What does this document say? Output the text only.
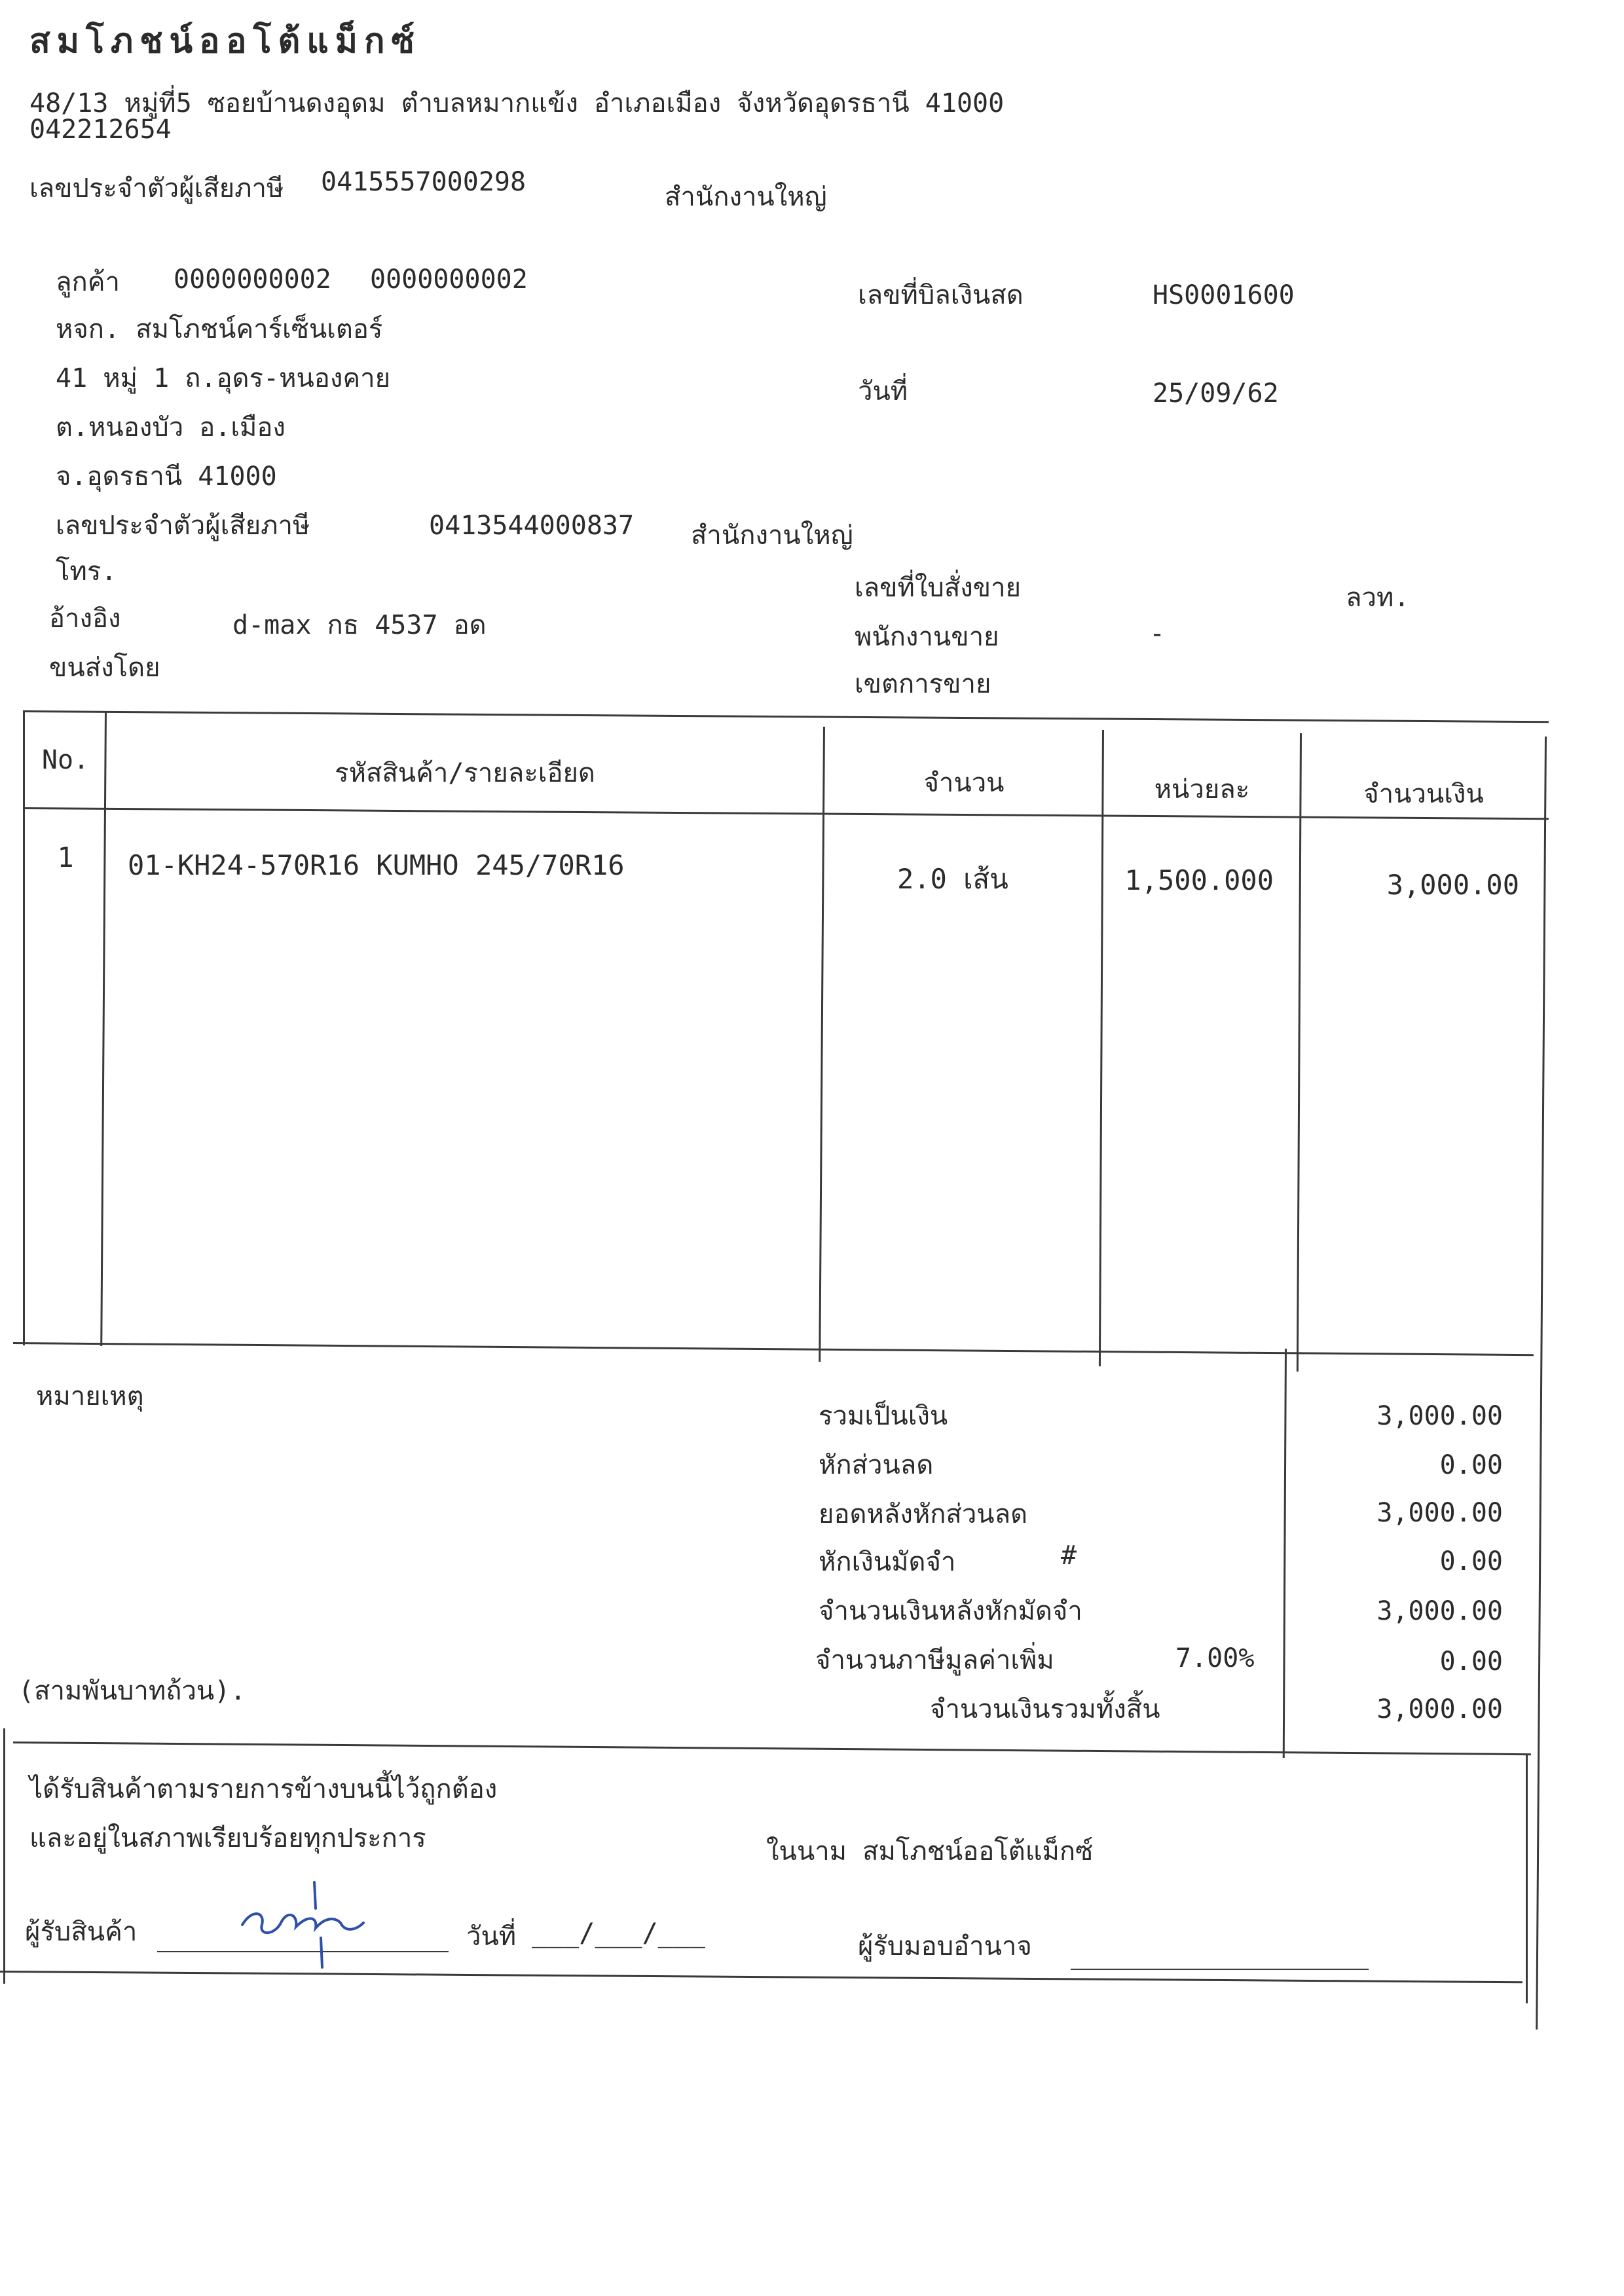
สมโภชน์ออโต้แม็กซ์
48/13 หมู่ที่5 ซอยบ้านดงอุดม ตำบลหมากแข้ง อำเภอเมือง จังหวัดอุดรธานี 41000
042212654
เลขประจำตัวผู้เสียภาษี 0415557000298	สำนักงานใหญ่
ลูกค้า 0000000002 0000000002
หจก. สมโภชน์คาร์เซ็นเตอร์
41 หมู่ 1 ถ.อุดร-หนองคาย
ต.หนองบัว อ.เมือง
จ.อุดรธานี 41000
เลขประจำตัวผู้เสียภาษี	0413544000837 สำนักงานใหญ่
โทร.
อ้างอิง	d-max กธ 4537 อด
ขนส่งโดย
เลขที่บิลเงินสด	HS0001600
วันที่	25/09/62
เลขที่ใบสั่งขาย	ลวท.
พนักงานขาย	-
เขตการขาย
No.	รหัสสินค้า/รายละเอียด	จำนวน	หน่วยละ	จำนวนเงิน
1	01-KH24-570R16 KUMHO 245/70R16	2.0 เส้น	1,500.000	3,000.00
หมายเหตุ
(สามพันบาทถ้วน).
รวมเป็นเงิน	3,000.00
หักส่วนลด	0.00
ยอดหลังหักส่วนลด	3,000.00
หักเงินมัดจำ	#	0.00
จำนวนเงินหลังหักมัดจำ	3,000.00
จำนวนภาษีมูลค่าเพิ่ม	7.00%	0.00
จำนวนเงินรวมทั้งสิ้น	3,000.00
ได้รับสินค้าตามรายการข้างบนนี้ไว้ถูกต้อง
และอยู่ในสภาพเรียบร้อยทุกประการ	ในนาม สมโภชน์ออโต้แม็กซ์
ผู้รับสินค้า	วันที่ ___/___/___	ผู้รับมอบอำนาจ
